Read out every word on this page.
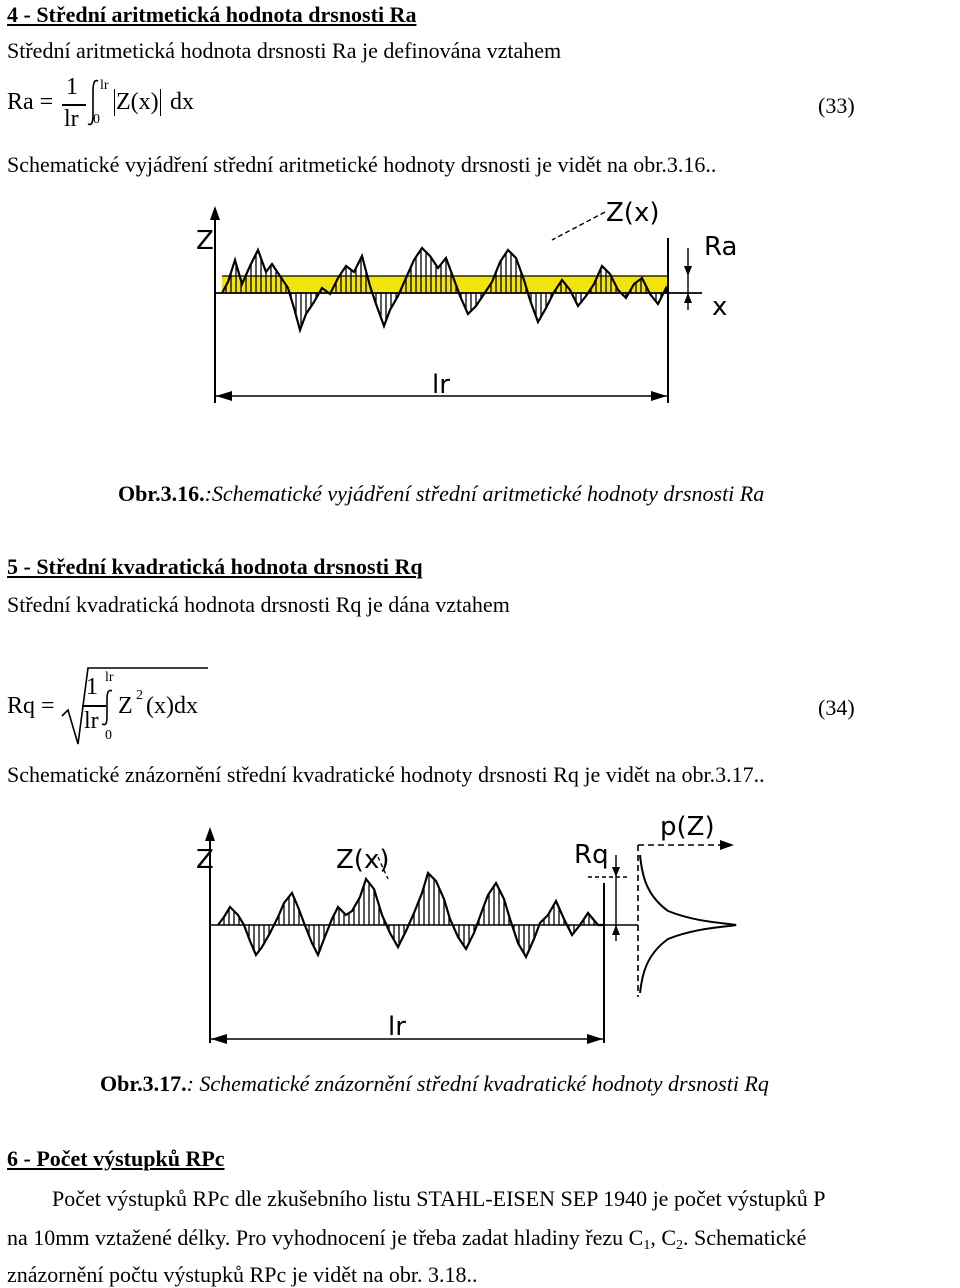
4 - Střední aritmetická hodnota drsnosti Ra
Střední aritmetická hodnota drsnosti Ra je definována vztahem
Ra =
1
lr
lr
0
Z(x) dx	(33)
Schematické vyjádření střední aritmetické hodnoty drsnosti je vidět na obr.3.16..
Z
Z(x)
Ra
x
lr
Obr.3.16.:Schematické vyjádření střední aritmetické hodnoty drsnosti Ra
5 - Střední kvadratická hodnota drsnosti Rq
Střední kvadratická hodnota drsnosti Rq je dána vztahem
Rq =
1
lr
lr
0
Z 2 (x)dx	(34)
Schematické znázornění střední kvadratické hodnoty drsnosti Rq je vidět na obr.3.17..
Z	Z(x)	Rq
p(Z)
lr
Obr.3.17.: Schematické znázornění střední kvadratické hodnoty drsnosti Rq
6 - Počet výstupků RPc
Počet výstupků RPc dle zkušebního listu STAHL-EISEN SEP 1940 je počet výstupků P
na 10mm vztažené délky. Pro vyhodnocení je třeba zadat hladiny řezu $C_1$, $C_2$. Schematické
znázornění počtu výstupků RPc je vidět na obr. 3.18..
